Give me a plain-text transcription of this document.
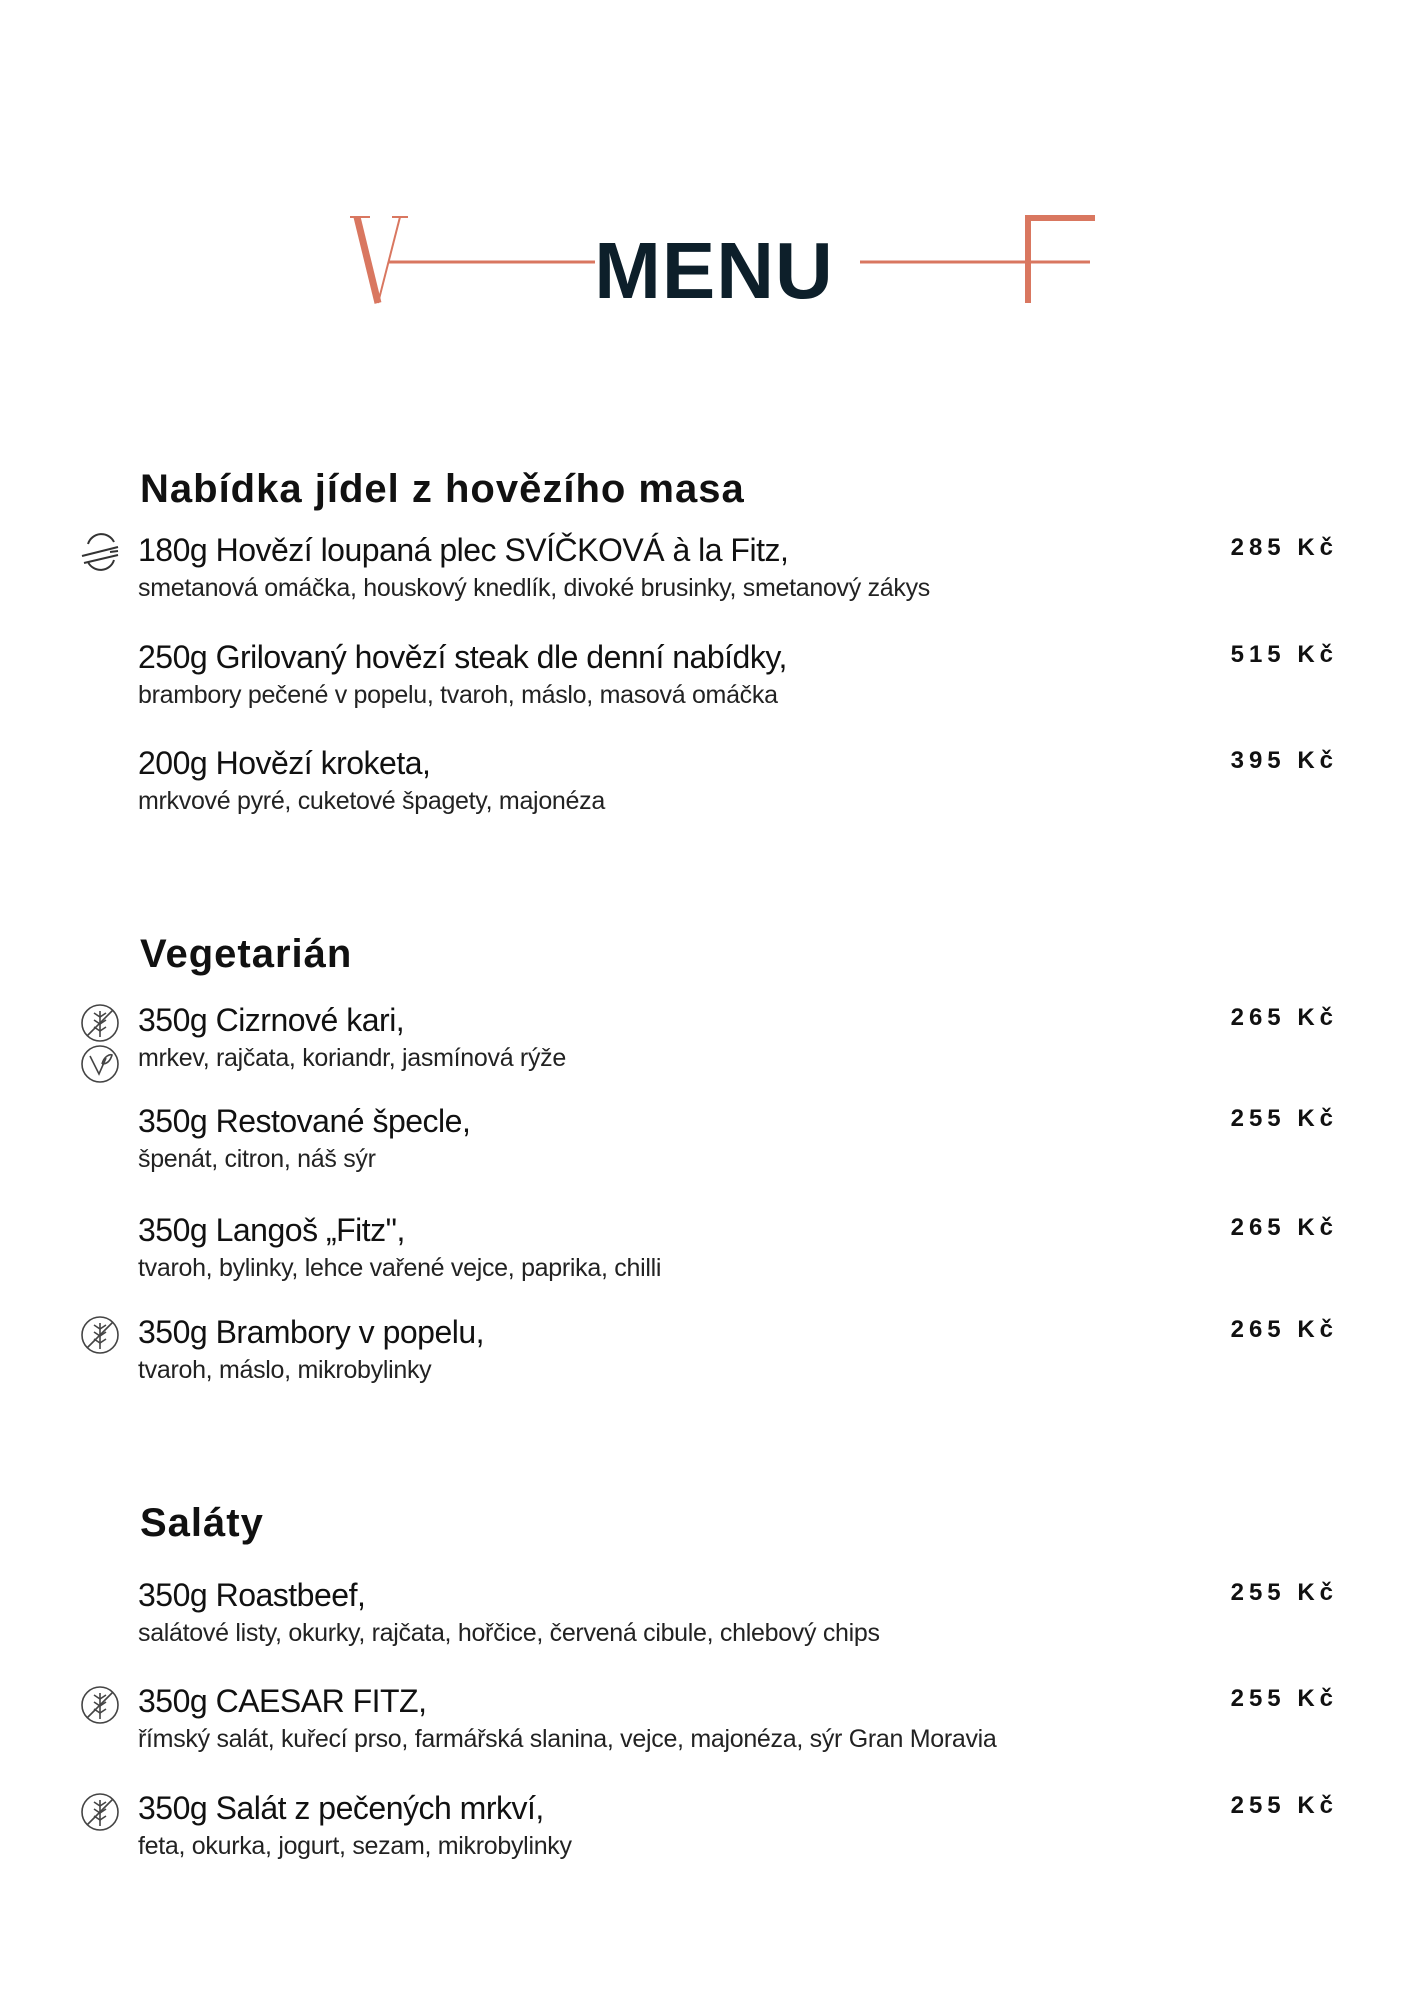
MENU
Nabídka jídel z hovězího masa
180g Hovězí loupaná plec SVÍČKOVÁ à la Fitz,
smetanová omáčka, houskový knedlík, divoké brusinky, smetanový zákys
285 Kč
250g Grilovaný hovězí steak dle denní nabídky,
brambory pečené v popelu, tvaroh, máslo, masová omáčka
515 Kč
200g Hovězí kroketa,
mrkvové pyré, cuketové špagety, majonéza
395 Kč
Vegetarián
350g Cizrnové kari,
mrkev, rajčata, koriandr, jasmínová rýže
265 Kč
350g Restované špecle,
špenát, citron, náš sýr
255 Kč
350g Langoš „Fitz",
tvaroh, bylinky, lehce vařené vejce, paprika, chilli
265 Kč
350g Brambory v popelu,
tvaroh, máslo, mikrobylinky
265 Kč
Saláty
350g Roastbeef,
salátové listy, okurky, rajčata, hořčice, červená cibule, chlebový chips
255 Kč
350g CAESAR FITZ,
římský salát, kuřecí prso, farmářská slanina, vejce, majonéza, sýr Gran Moravia
255 Kč
350g Salát z pečených mrkví,
feta, okurka, jogurt, sezam, mikrobylinky
255 Kč
